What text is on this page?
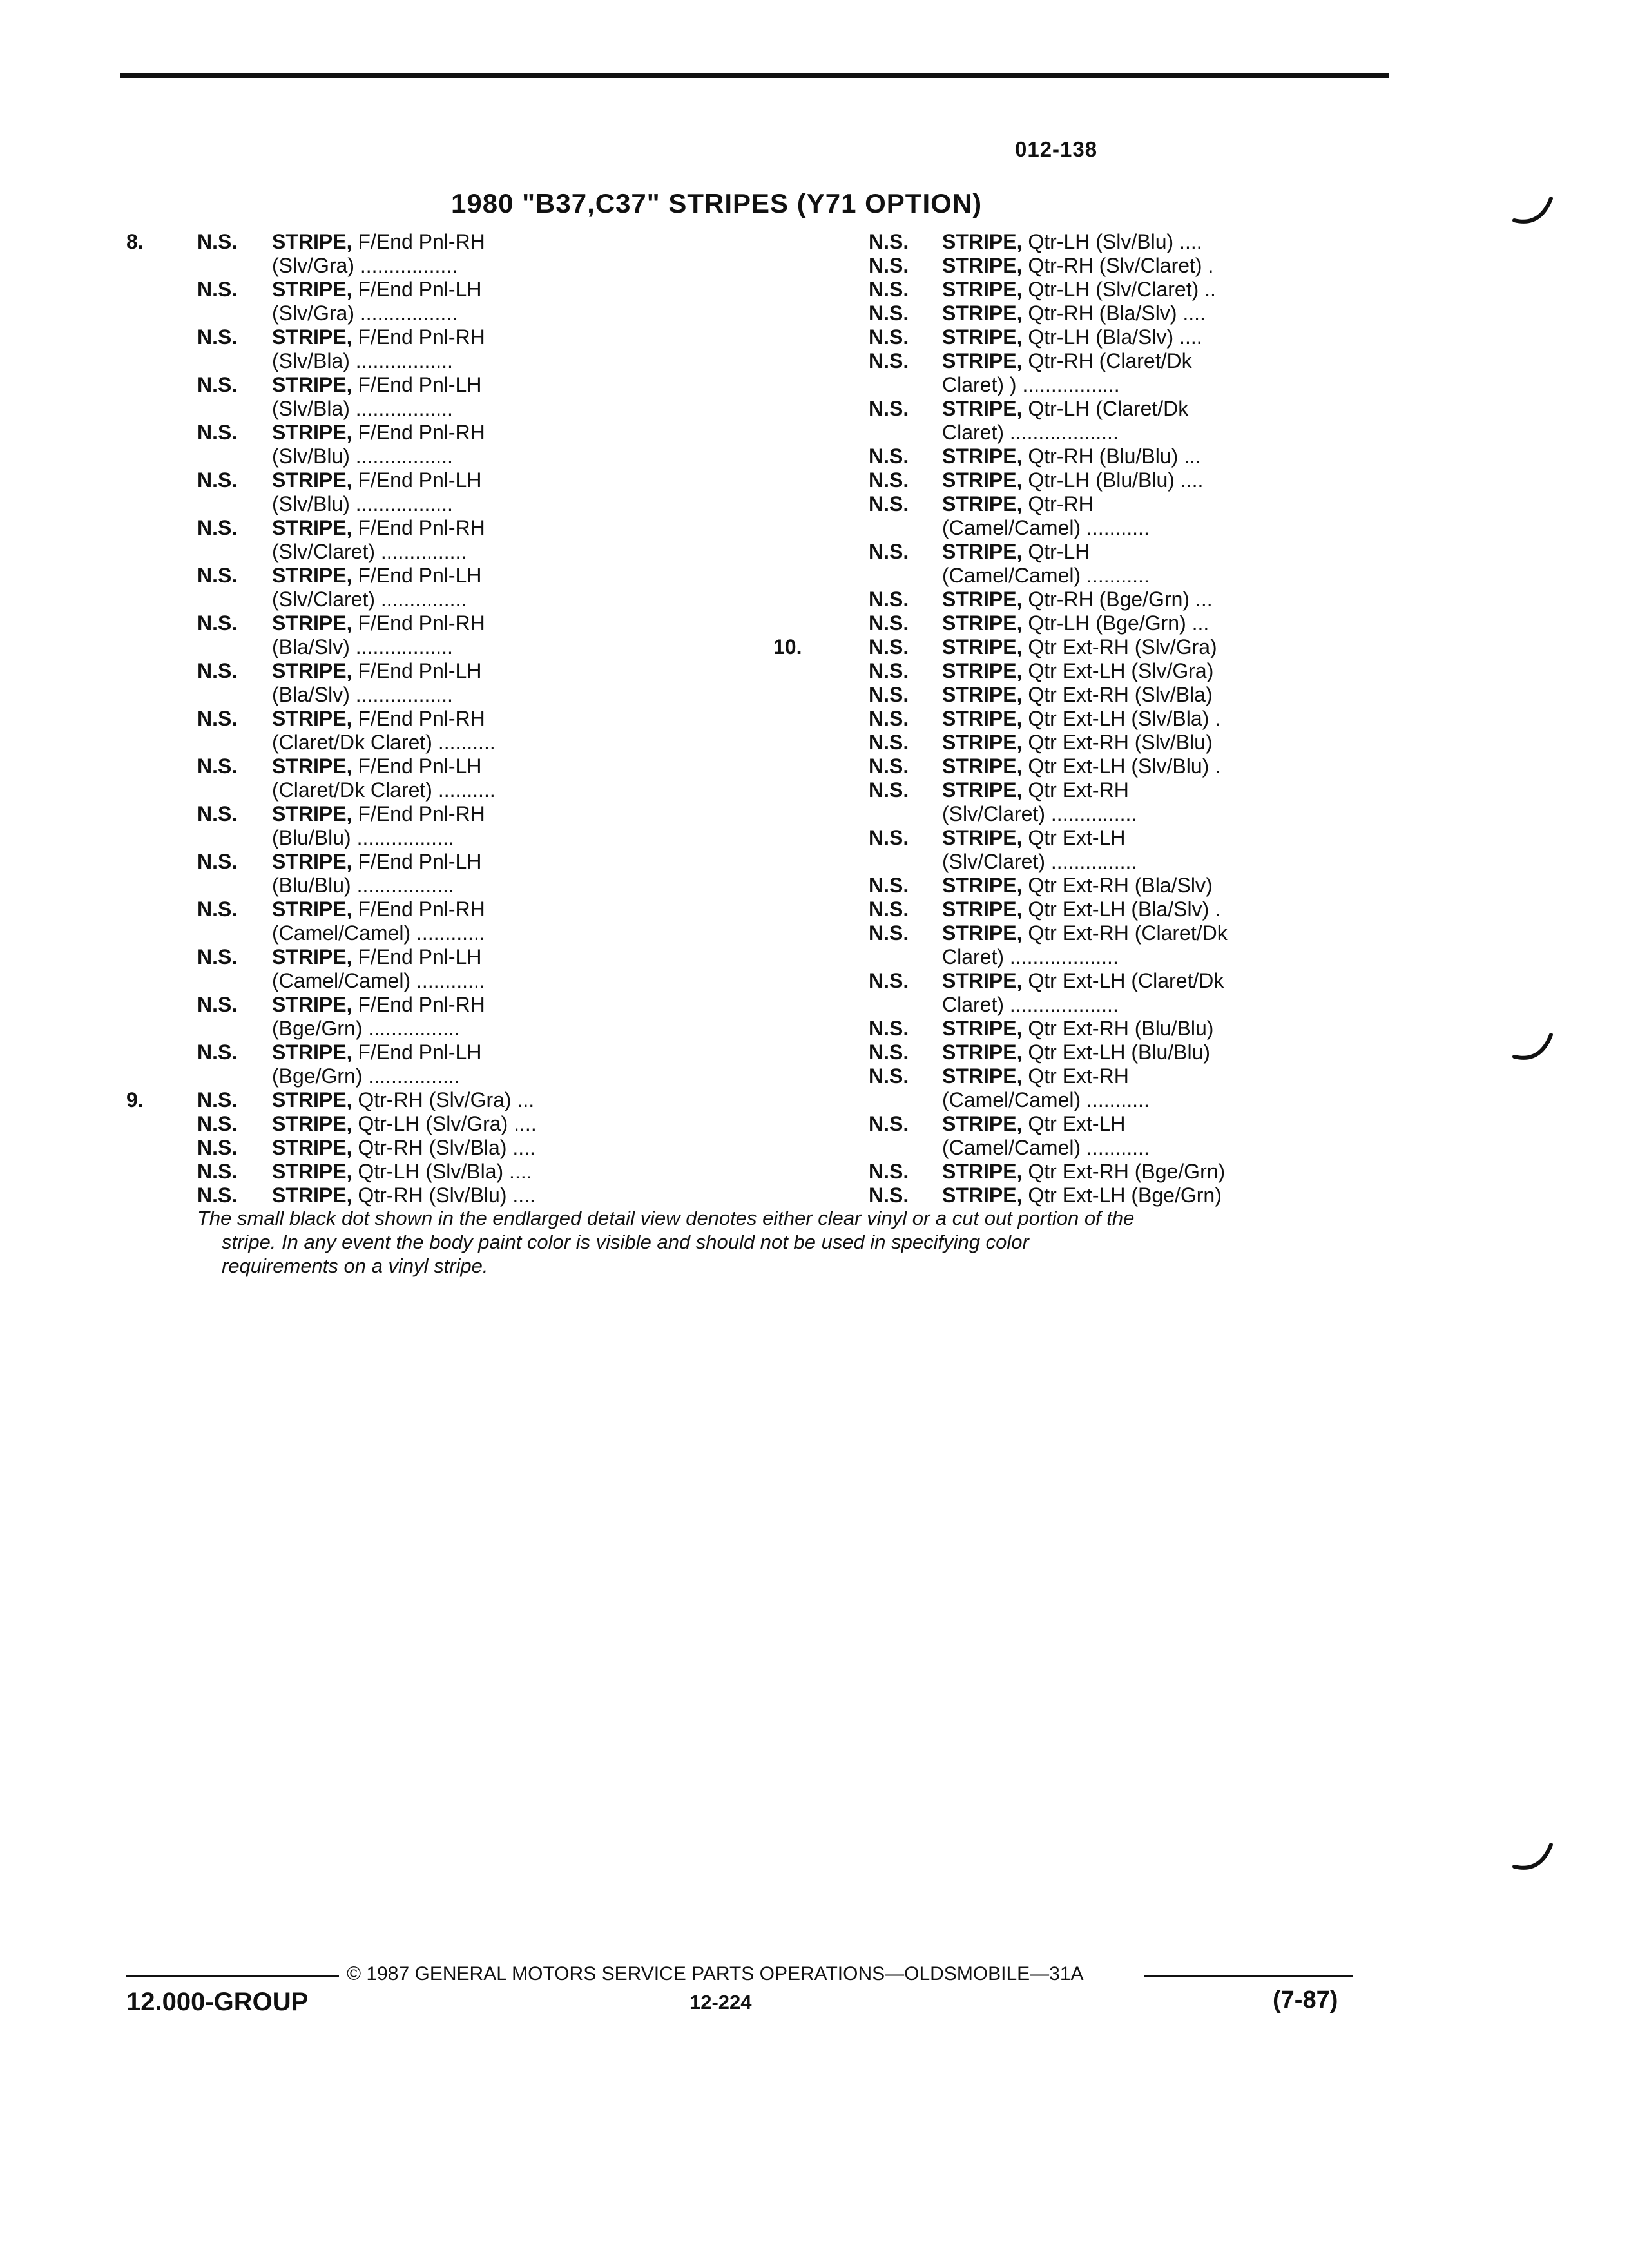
012-138
1980 "B37,C37" STRIPES (Y71 OPTION)
8.	N.S. STRIPE, F/End Pnl-RH
(Slv/Gra) .................
N.S. STRIPE, F/End Pnl-LH
(Slv/Gra) .................
N.S. STRIPE, F/End Pnl-RH
(Slv/Bla) .................
N.S. STRIPE, F/End Pnl-LH
(Slv/Bla) .................
N.S. STRIPE, F/End Pnl-RH
(Slv/Blu) .................
N.S. STRIPE, F/End Pnl-LH
(Slv/Blu) .................
N.S. STRIPE, F/End Pnl-RH
(Slv/Claret) ...............
N.S. STRIPE, F/End Pnl-LH
(Slv/Claret) ...............
N.S. STRIPE, F/End Pnl-RH
(Bla/Slv) .................
N.S. STRIPE, F/End Pnl-LH
(Bla/Slv) .................
N.S. STRIPE, F/End Pnl-RH
(Claret/Dk Claret) ..........
N.S. STRIPE, F/End Pnl-LH
(Claret/Dk Claret) ..........
N.S. STRIPE, F/End Pnl-RH
(Blu/Blu) .................
N.S. STRIPE, F/End Pnl-LH
(Blu/Blu) .................
N.S. STRIPE, F/End Pnl-RH
(Camel/Camel) ............
N.S. STRIPE, F/End Pnl-LH
(Camel/Camel) ............
N.S. STRIPE, F/End Pnl-RH
(Bge/Grn) ................
N.S. STRIPE, F/End Pnl-LH
(Bge/Grn) ................
9.	N.S. STRIPE, Qtr-RH (Slv/Gra) ...
N.S. STRIPE, Qtr-LH (Slv/Gra) ....
N.S. STRIPE, Qtr-RH (Slv/Bla) ....
N.S. STRIPE, Qtr-LH (Slv/Bla) ....
N.S. STRIPE, Qtr-RH (Slv/Blu) ....
N.S. STRIPE, Qtr-LH (Slv/Blu) ....
N.S. STRIPE, Qtr-RH (Slv/Claret) .
N.S. STRIPE, Qtr-LH (Slv/Claret) ..
N.S. STRIPE, Qtr-RH (Bla/Slv) ....
N.S. STRIPE, Qtr-LH (Bla/Slv) ....
N.S. STRIPE, Qtr-RH (Claret/Dk
Claret) ) .................
N.S. STRIPE, Qtr-LH (Claret/Dk
Claret) ...................
N.S. STRIPE, Qtr-RH (Blu/Blu) ...
N.S. STRIPE, Qtr-LH (Blu/Blu) ....
N.S. STRIPE, Qtr-RH
(Camel/Camel) ...........
N.S. STRIPE, Qtr-LH
(Camel/Camel) ...........
N.S. STRIPE, Qtr-RH (Bge/Grn) ...
N.S. STRIPE, Qtr-LH (Bge/Grn) ...
10.	N.S. STRIPE, Qtr Ext-RH (Slv/Gra)
N.S. STRIPE, Qtr Ext-LH (Slv/Gra)
N.S. STRIPE, Qtr Ext-RH (Slv/Bla)
N.S. STRIPE, Qtr Ext-LH (Slv/Bla) .
N.S. STRIPE, Qtr Ext-RH (Slv/Blu)
N.S. STRIPE, Qtr Ext-LH (Slv/Blu) .
N.S. STRIPE, Qtr Ext-RH
(Slv/Claret) ...............
N.S. STRIPE, Qtr Ext-LH
(Slv/Claret) ...............
N.S. STRIPE, Qtr Ext-RH (Bla/Slv)
N.S. STRIPE, Qtr Ext-LH (Bla/Slv) .
N.S. STRIPE, Qtr Ext-RH (Claret/Dk
Claret) ...................
N.S. STRIPE, Qtr Ext-LH (Claret/Dk
Claret) ...................
N.S. STRIPE, Qtr Ext-RH (Blu/Blu)
N.S. STRIPE, Qtr Ext-LH (Blu/Blu)
N.S. STRIPE, Qtr Ext-RH
(Camel/Camel) ...........
N.S. STRIPE, Qtr Ext-LH
(Camel/Camel) ...........
N.S. STRIPE, Qtr Ext-RH (Bge/Grn)
N.S. STRIPE, Qtr Ext-LH (Bge/Grn)
The small black dot shown in the endlarged detail view denotes either clear vinyl or a cut out portion of the
stripe. In any event the body paint color is visible and should not be used in specifying color
requirements on a vinyl stripe.
© 1987 GENERAL MOTORS SERVICE PARTS OPERATIONS—OLDSMOBILE—31A
12.000-GROUP	12-224	(7-87)
